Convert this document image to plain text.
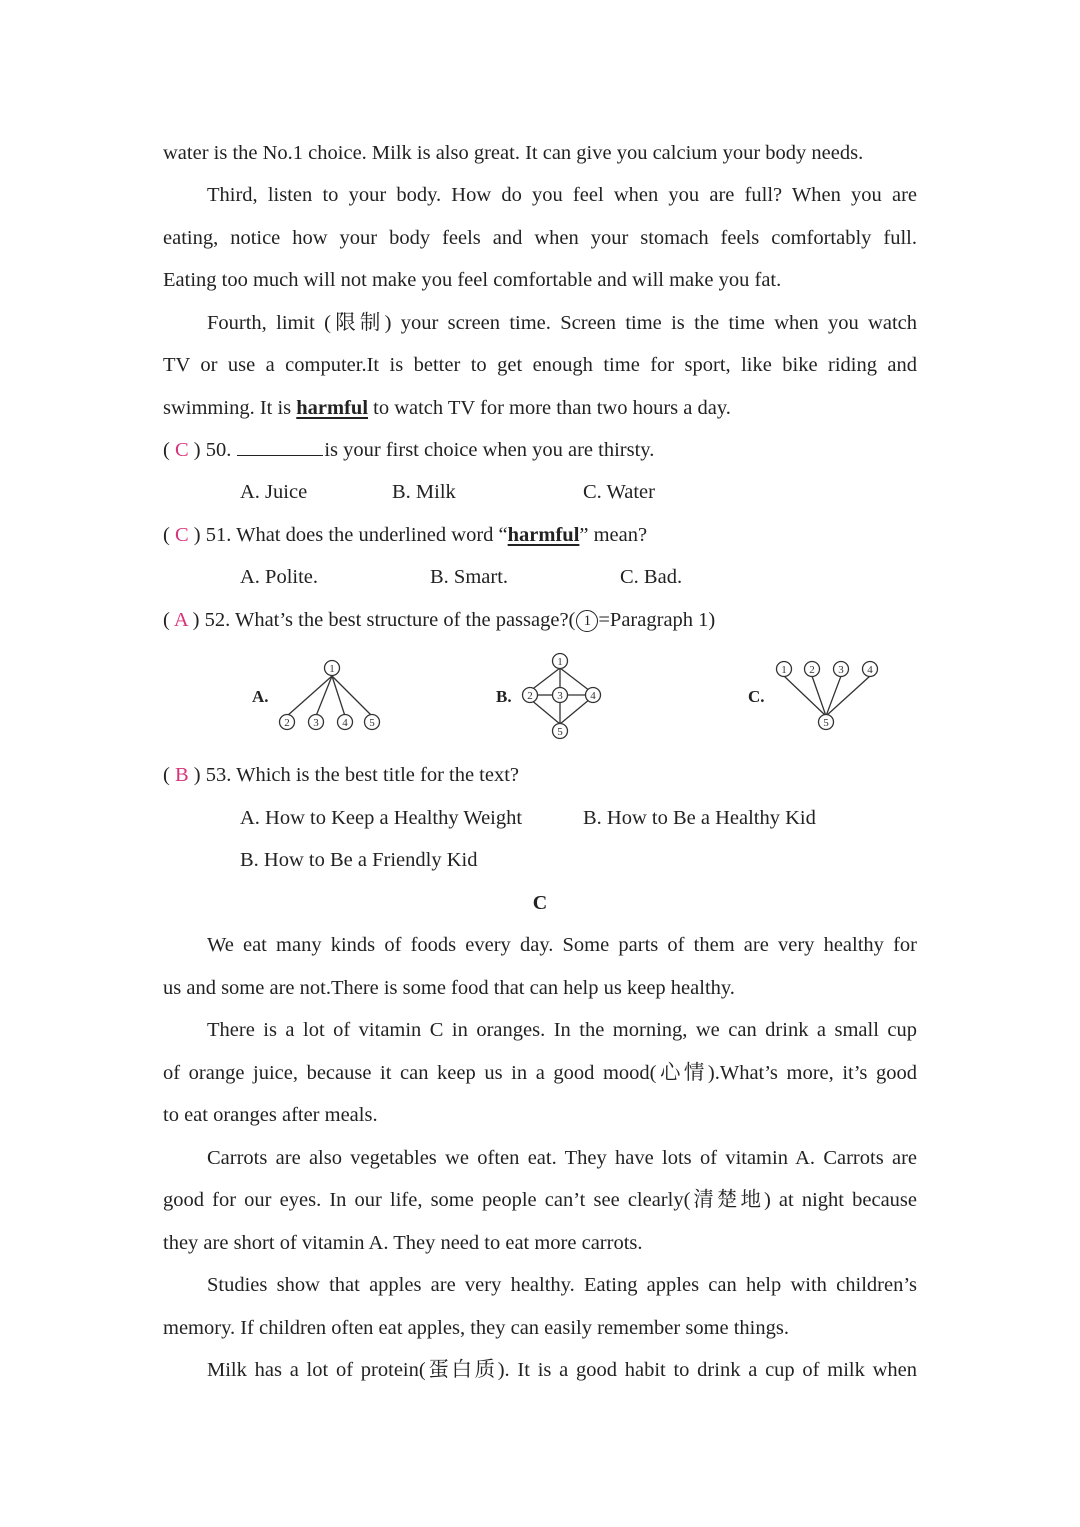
water is the No.1 choice. Milk is also great. It can give you calcium your body needs.
Third, listen to your body. How do you feel when you are full? When you are
eating, notice how your body feels and when your stomach feels comfortably full.
Eating too much will not make you feel comfortable and will make you fat.
Fourth, limit (限制) your screen time. Screen time is the time when you watch
TV or use a computer.It is better to get enough time for sport, like bike riding and
swimming. It is harmful to watch TV for more than two hours a day.
( C ) 50.	is your first choice when you are thirsty.
A. Juice	B. Milk	C. Water
( C ) 51. What does the underlined word “harmful” mean?
A. Polite.	B. Smart.	C. Bad.
( A ) 52. What’s the best structure of the passage?( 1 =Paragraph 1)
A.
1
2 3 4 5
B.
1
2 3	4
5
C.
1 2 3 4
5
( B ) 53. Which is the best title for the text?
A. How to Keep a Healthy Weight	B. How to Be a Healthy Kid
B. How to Be a Friendly Kid
C
We eat many kinds of foods every day. Some parts of them are very healthy for
us and some are not.There is some food that can help us keep healthy.
There is a lot of vitamin C in oranges. In the morning, we can drink a small cup
of orange juice, because it can keep us in a good mood(心情).What’s more, it’s good
to eat oranges after meals.
Carrots are also vegetables we often eat. They have lots of vitamin A. Carrots are
good for our eyes. In our life, some people can’t see clearly(清楚地) at night because
they are short of vitamin A. They need to eat more carrots.
Studies show that apples are very healthy. Eating apples can help with children’s
memory. If children often eat apples, they can easily remember some things.
Milk has a lot of protein(蛋白质). It is a good habit to drink a cup of milk when
